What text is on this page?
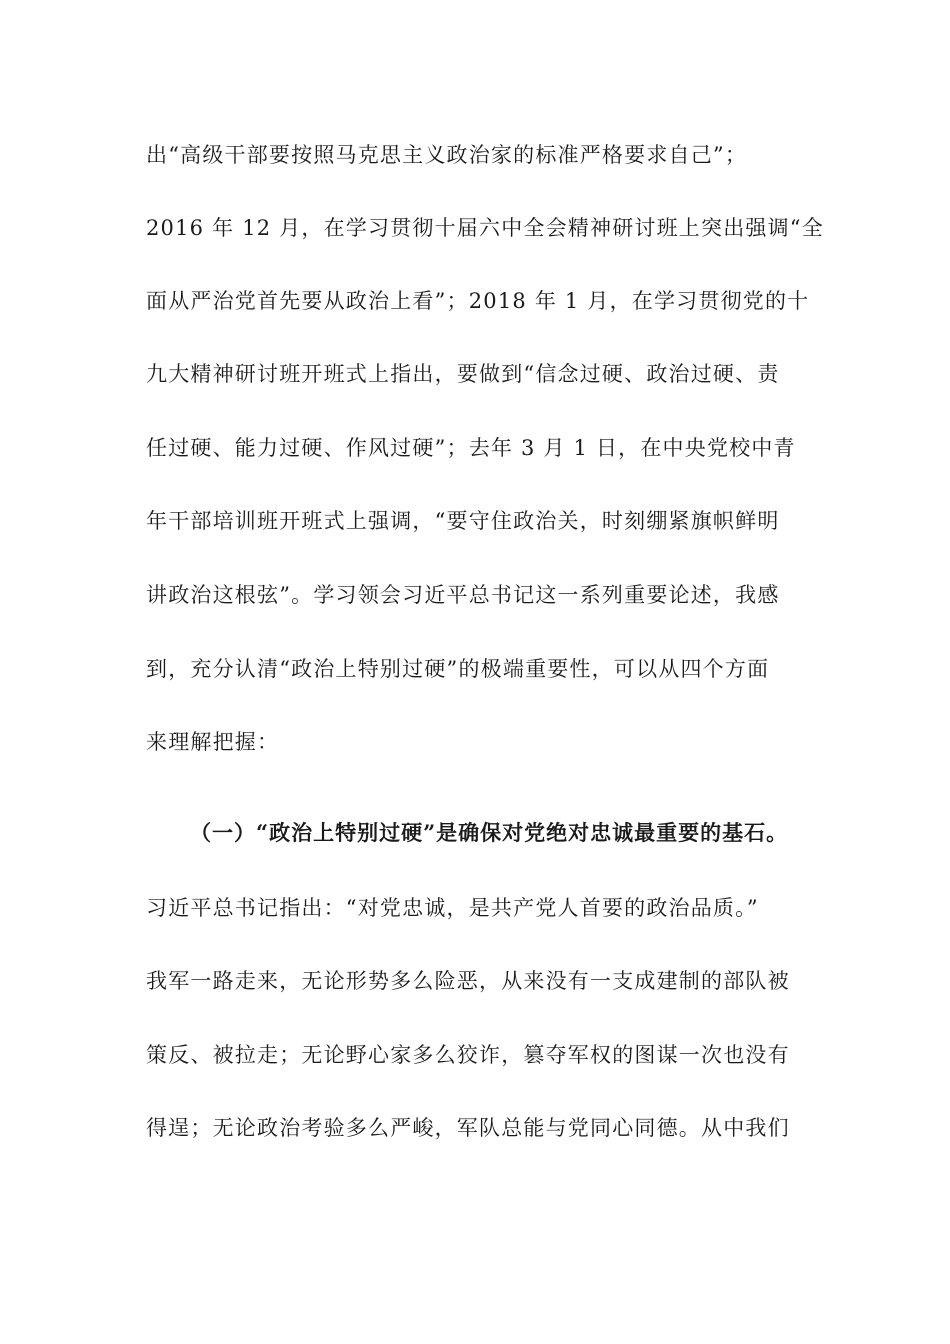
出“高级干部要按照马克思主义政治家的标准严格要求自己”；
2016 年 12 月，在学习贯彻十届六中全会精神研讨班上突出强调“全
面从严治党首先要从政治上看”；2018 年 1 月，在学习贯彻党的十
九大精神研讨班开班式上指出，要做到“信念过硬、政治过硬、责
任过硬、能力过硬、作风过硬”；去年 3 月 1 日，在中央党校中青
年干部培训班开班式上强调，“要守住政治关，时刻绷紧旗帜鲜明
讲政治这根弦”。学习领会习近平总书记这一系列重要论述，我感
到，充分认清“政治上特别过硬”的极端重要性，可以从四个方面
来理解把握：
（一）“政治上特别过硬”是确保对党绝对忠诚最重要的基石。
习近平总书记指出：“对党忠诚，是共产党人首要的政治品质。”
我军一路走来，无论形势多么险恶，从来没有一支成建制的部队被
策反、被拉走；无论野心家多么狡诈，篡夺军权的图谋一次也没有
得逞；无论政治考验多么严峻，军队总能与党同心同德。从中我们
